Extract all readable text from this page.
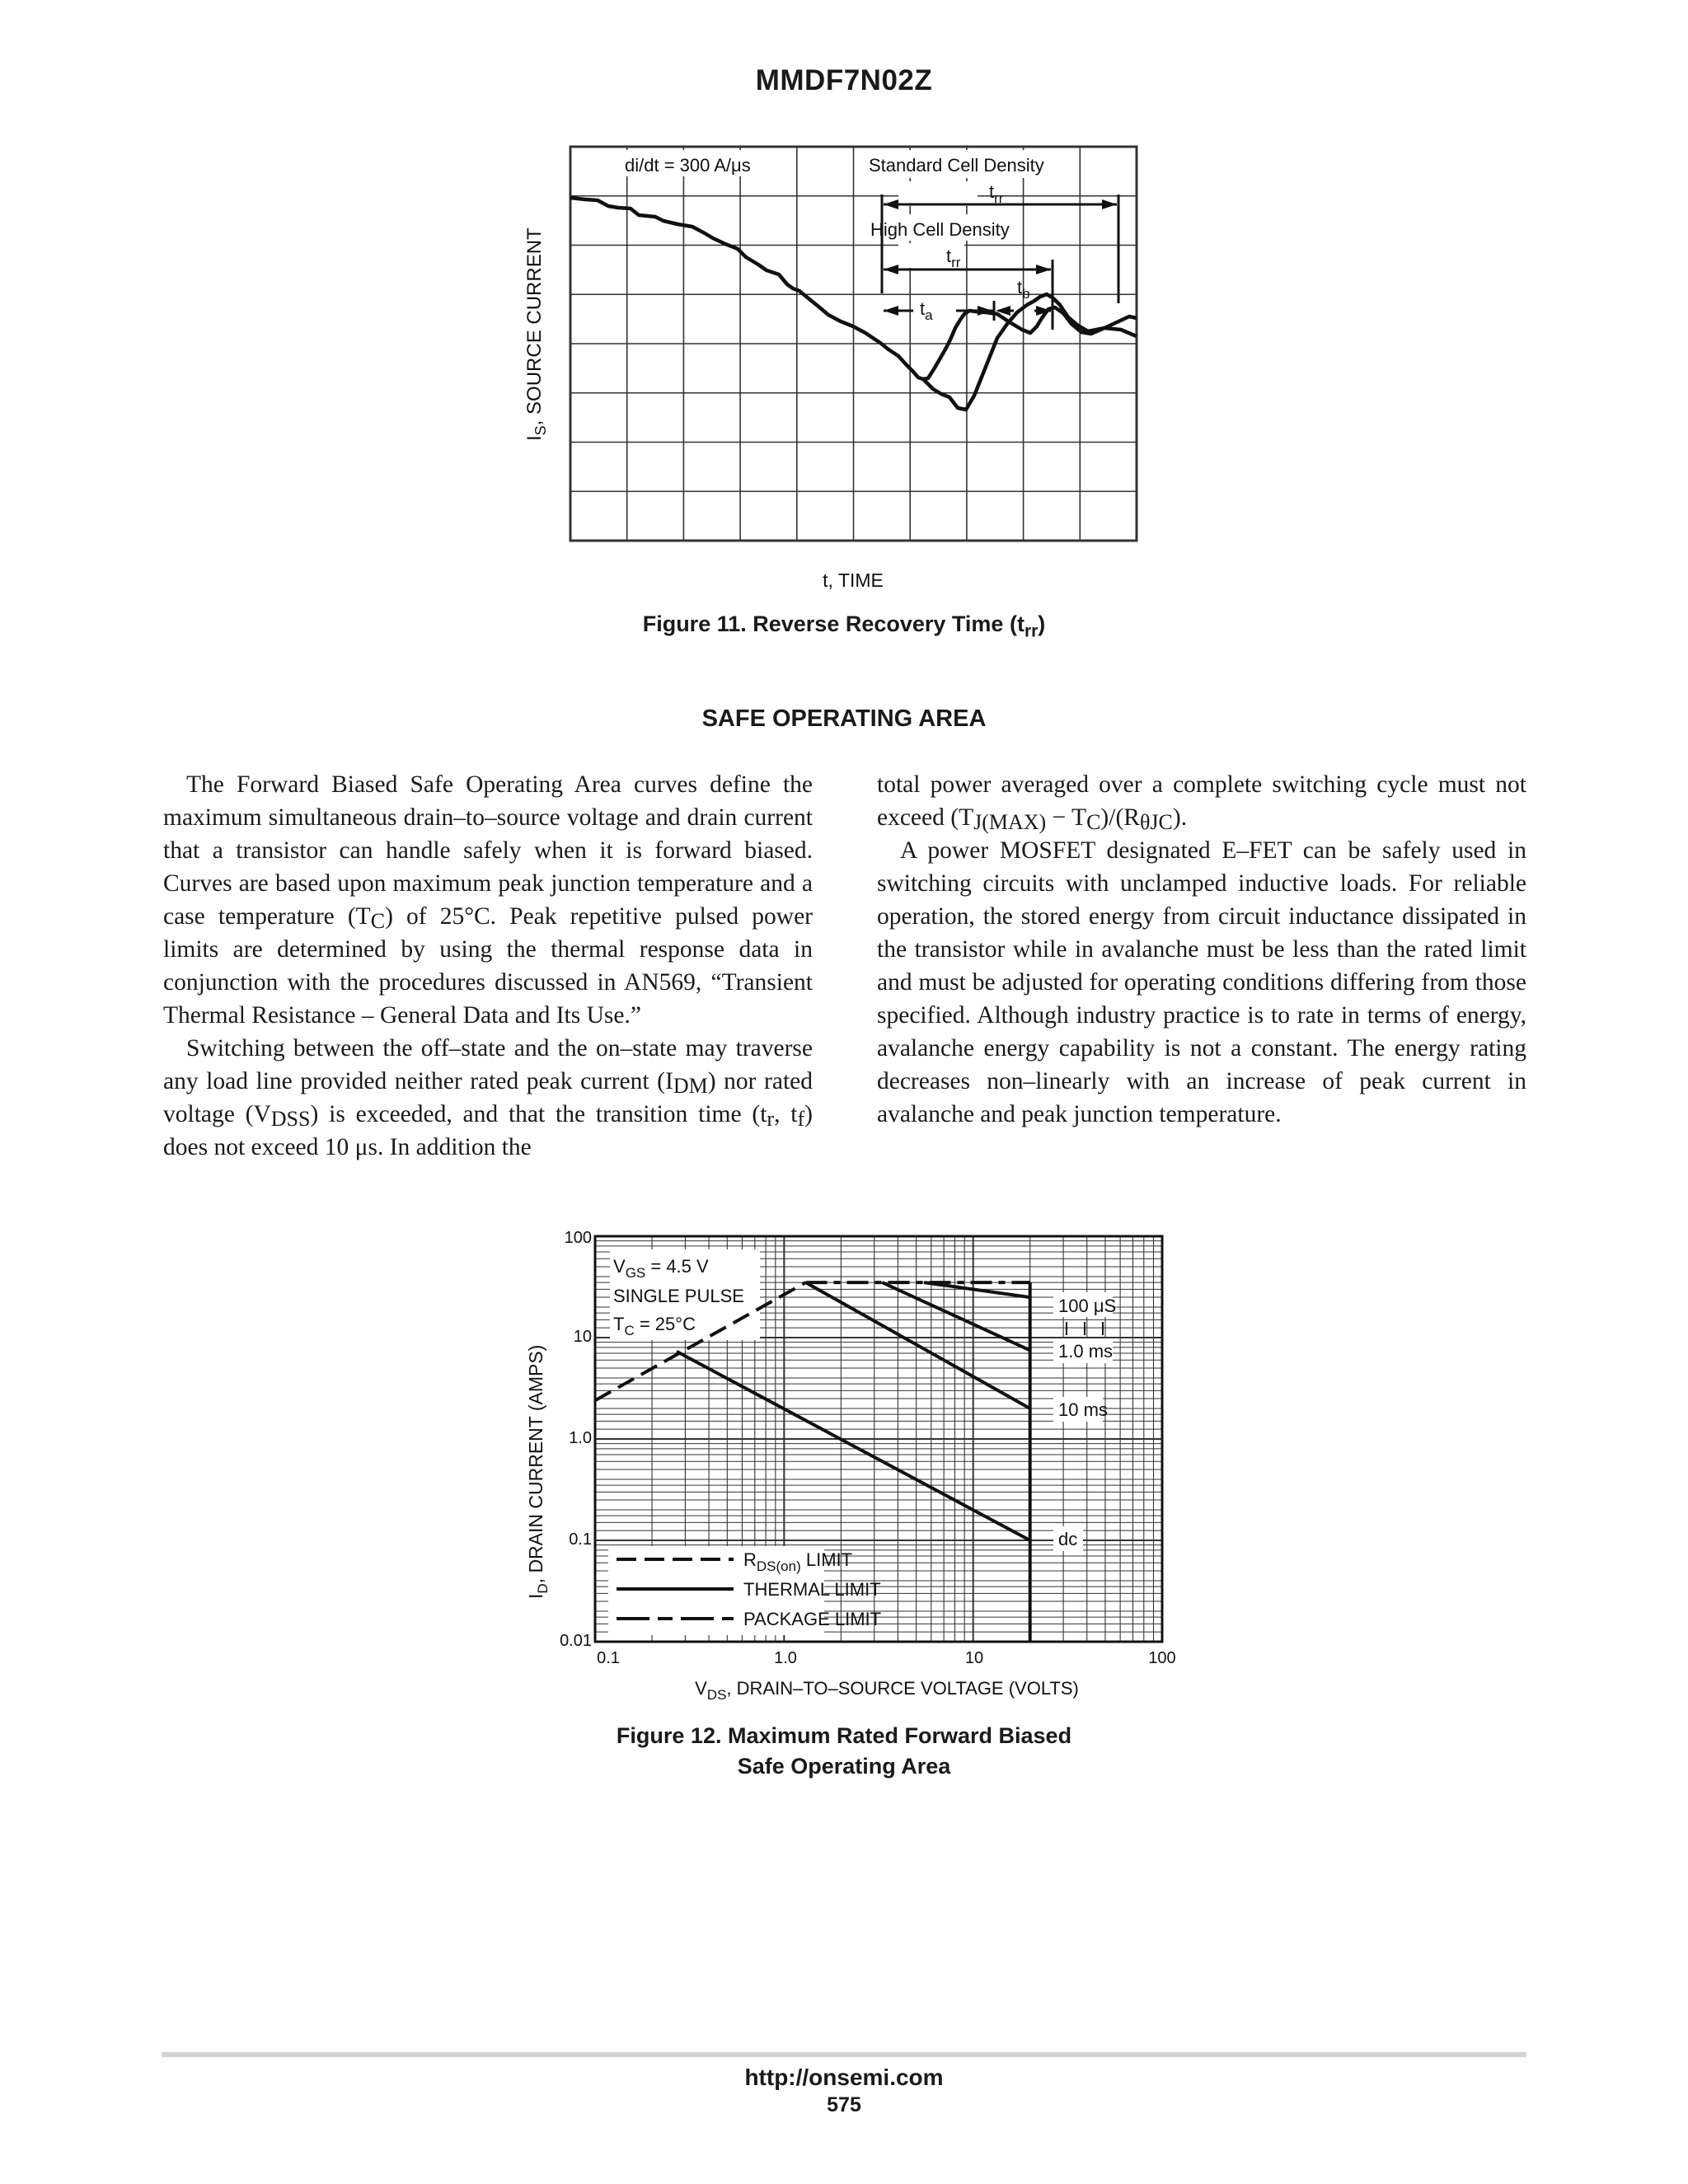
MMDF7N02Z
di/dt = 300 A/μs	Standard Cell Density
$t_{rr}$
High Cell Density
$t_{rr}$
$t_a$
$t_b$
$I_S$, SOURCE CURRENT
t, TIME
Figure 11. Reverse Recovery Time $(t_{rr})$
SAFE OPERATING AREA

The Forward Biased Safe Operating Area curves define the maximum simultaneous drain–to–source voltage and drain current that a transistor can handle safely when it is forward biased. Curves are based upon maximum peak junction temperature and a case temperature $(T_C)$ of 25°C. Peak repetitive pulsed power limits are determined by using the thermal response data in conjunction with the procedures discussed in AN569, “Transient Thermal Resistance – General Data and Its Use.”

Switching between the off–state and the on–state may traverse any load line provided neither rated peak current $(I_{DM})$ nor rated voltage $(V_{DSS})$ is exceeded, and that the transition time ($t_r$, $t_f$) does not exceed 10 μs. In addition the

total power averaged over a complete switching cycle must not exceed $(T_{J(MAX)} - T_C)/(R_{\theta JC})$.

A power MOSFET designated E–FET can be safely used in switching circuits with unclamped inductive loads. For reliable operation, the stored energy from circuit inductance dissipated in the transistor while in avalanche must be less than the rated limit and must be adjusted for operating conditions differing from those specified. Although industry practice is to rate in terms of energy, avalanche energy capability is not a constant. The energy rating decreases non–linearly with an increase of peak current in avalanche and peak junction temperature.

100
10
1.0
0.1
0.01
0.1	1.0	10	100
$V_{GS} = 4.5$ V
SINGLE PULSE
$T_C = 25^\circ C$
100 μS
1.0 ms
10 ms
dc
$R_{DS(on)}$ LIMIT
THERMAL LIMIT
PACKAGE LIMIT
$I_D$, DRAIN CURRENT (AMPS)
$V_{DS}$, DRAIN–TO–SOURCE VOLTAGE (VOLTS)
Figure 12. Maximum Rated Forward Biased
Safe Operating Area
http://onsemi.com
575
